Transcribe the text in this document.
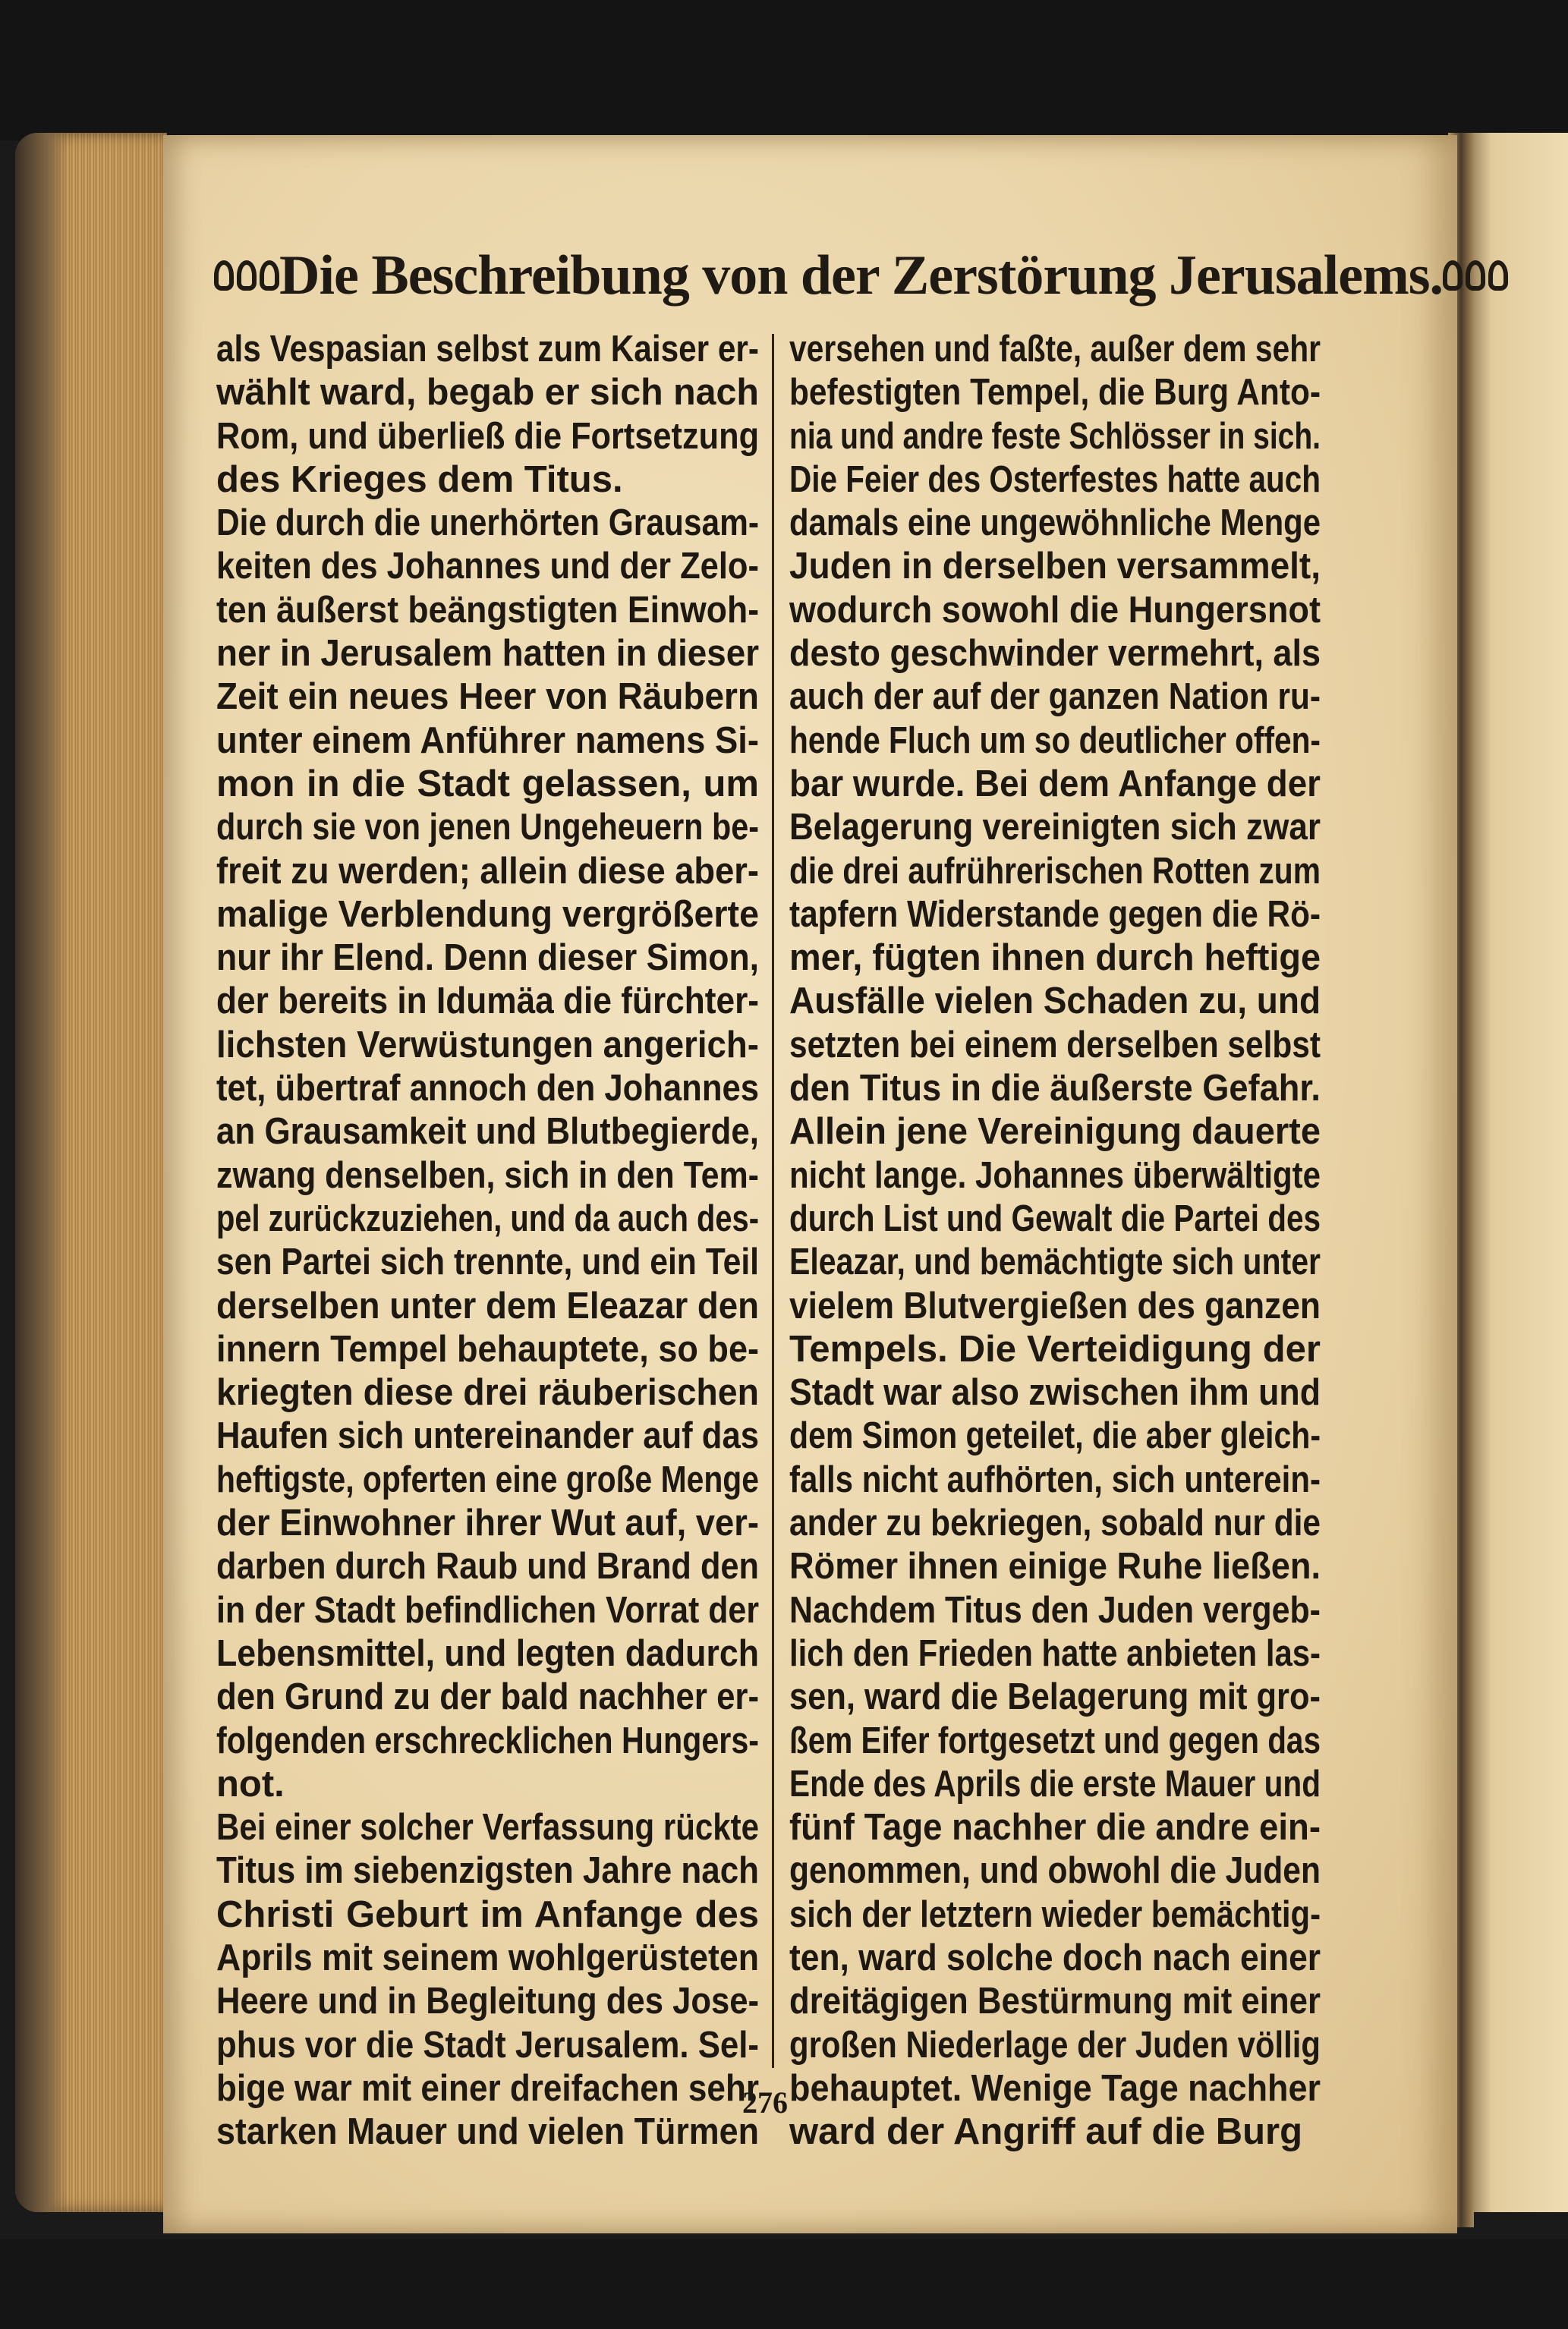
Die Beschreibung von der Zerstörung Jerusalems.
als Vespasian selbst zum Kaiser er-
wählt ward, begab er sich nach
Rom, und überließ die Fortsetzung
des Krieges dem Titus.
Die durch die unerhörten Grausam-
keiten des Johannes und der Zelo-
ten äußerst beängstigten Einwoh-
ner in Jerusalem hatten in dieser
Zeit ein neues Heer von Räubern
unter einem Anführer namens Si-
mon in die Stadt gelassen, um
durch sie von jenen Ungeheuern be-
freit zu werden; allein diese aber-
malige Verblendung vergrößerte
nur ihr Elend. Denn dieser Simon,
der bereits in Idumäa die fürchter-
lichsten Verwüstungen angerich-
tet, übertraf annoch den Johannes
an Grausamkeit und Blutbegierde,
zwang denselben, sich in den Tem-
pel zurückzuziehen, und da auch des-
sen Partei sich trennte, und ein Teil
derselben unter dem Eleazar den
innern Tempel behauptete, so be-
kriegten diese drei räuberischen
Haufen sich untereinander auf das
heftigste, opferten eine große Menge
der Einwohner ihrer Wut auf, ver-
darben durch Raub und Brand den
in der Stadt befindlichen Vorrat der
Lebensmittel, und legten dadurch
den Grund zu der bald nachher er-
folgenden erschrecklichen Hungers-
not.
Bei einer solcher Verfassung rückte
Titus im siebenzigsten Jahre nach
Christi Geburt im Anfange des
Aprils mit seinem wohlgerüsteten
Heere und in Begleitung des Jose-
phus vor die Stadt Jerusalem. Sel-
bige war mit einer dreifachen sehr
starken Mauer und vielen Türmen
versehen und faßte, außer dem sehr
befestigten Tempel, die Burg Anto-
nia und andre feste Schlösser in sich.
Die Feier des Osterfestes hatte auch
damals eine ungewöhnliche Menge
Juden in derselben versammelt,
wodurch sowohl die Hungersnot
desto geschwinder vermehrt, als
auch der auf der ganzen Nation ru-
hende Fluch um so deutlicher offen-
bar wurde. Bei dem Anfange der
Belagerung vereinigten sich zwar
die drei aufrührerischen Rotten zum
tapfern Widerstande gegen die Rö-
mer, fügten ihnen durch heftige
Ausfälle vielen Schaden zu, und
setzten bei einem derselben selbst
den Titus in die äußerste Gefahr.
Allein jene Vereinigung dauerte
nicht lange. Johannes überwältigte
durch List und Gewalt die Partei des
Eleazar, und bemächtigte sich unter
vielem Blutvergießen des ganzen
Tempels. Die Verteidigung der
Stadt war also zwischen ihm und
dem Simon geteilet, die aber gleich-
falls nicht aufhörten, sich unterein-
ander zu bekriegen, sobald nur die
Römer ihnen einige Ruhe ließen.
Nachdem Titus den Juden vergeb-
lich den Frieden hatte anbieten las-
sen, ward die Belagerung mit gro-
ßem Eifer fortgesetzt und gegen das
Ende des Aprils die erste Mauer und
fünf Tage nachher die andre ein-
genommen, und obwohl die Juden
sich der letztern wieder bemächtig-
ten, ward solche doch nach einer
dreitägigen Bestürmung mit einer
großen Niederlage der Juden völlig
behauptet. Wenige Tage nachher
ward der Angriff auf die Burg
276
